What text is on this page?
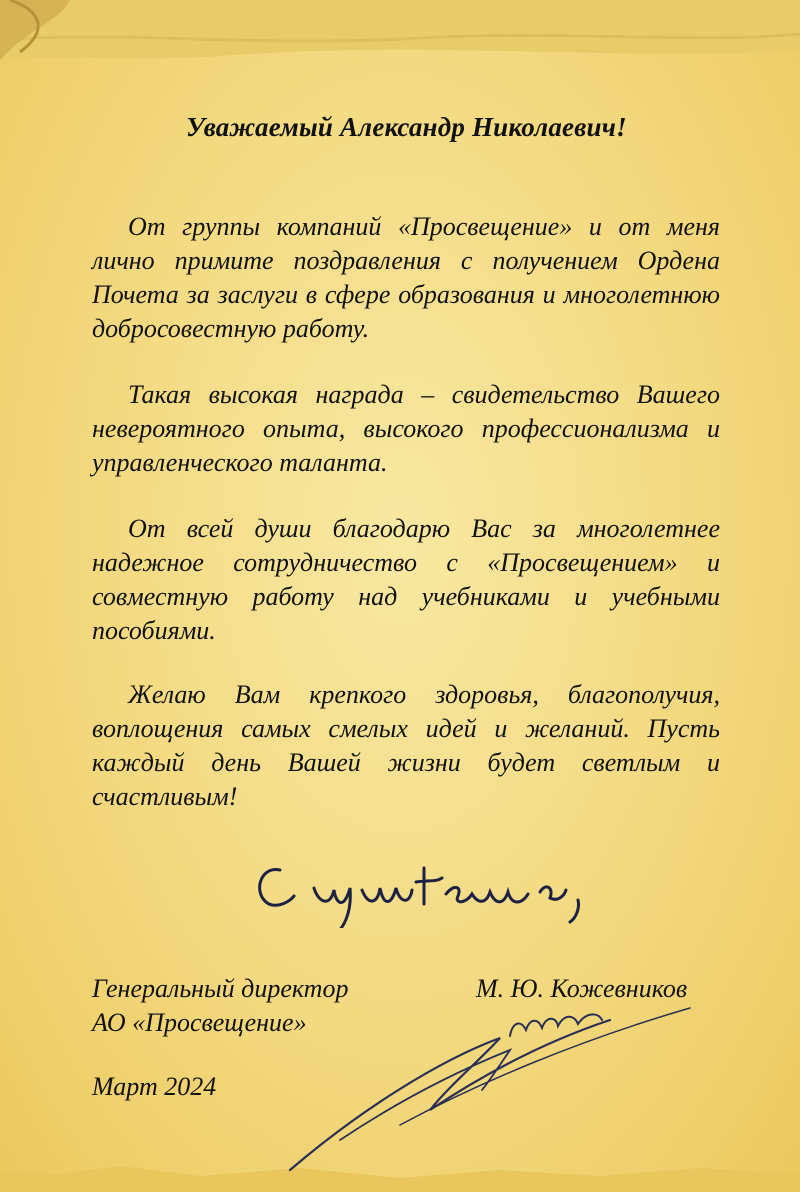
Уважаемый Александр Николаевич!

От группы компаний «Просвещение» и от меня лично примите поздравления с получением Ордена Почета за заслуги в сфере образования и многолетнюю добросовестную работу.

Такая высокая награда – свидетельство Вашего невероятного опыта, высокого профессионализма и управленческого таланта.

От всей души благодарю Вас за многолетнее надежное сотрудничество с «Просвещением» и совместную работу над учебниками и учебными пособиями.

Желаю Вам крепкого здоровья, благополучия, воплощения самых смелых идей и желаний. Пусть каждый день Вашей жизни будет светлым и счастливым!

Генеральный директор
АО «Просвещение»
М. Ю. Кожевников
Март 2024
